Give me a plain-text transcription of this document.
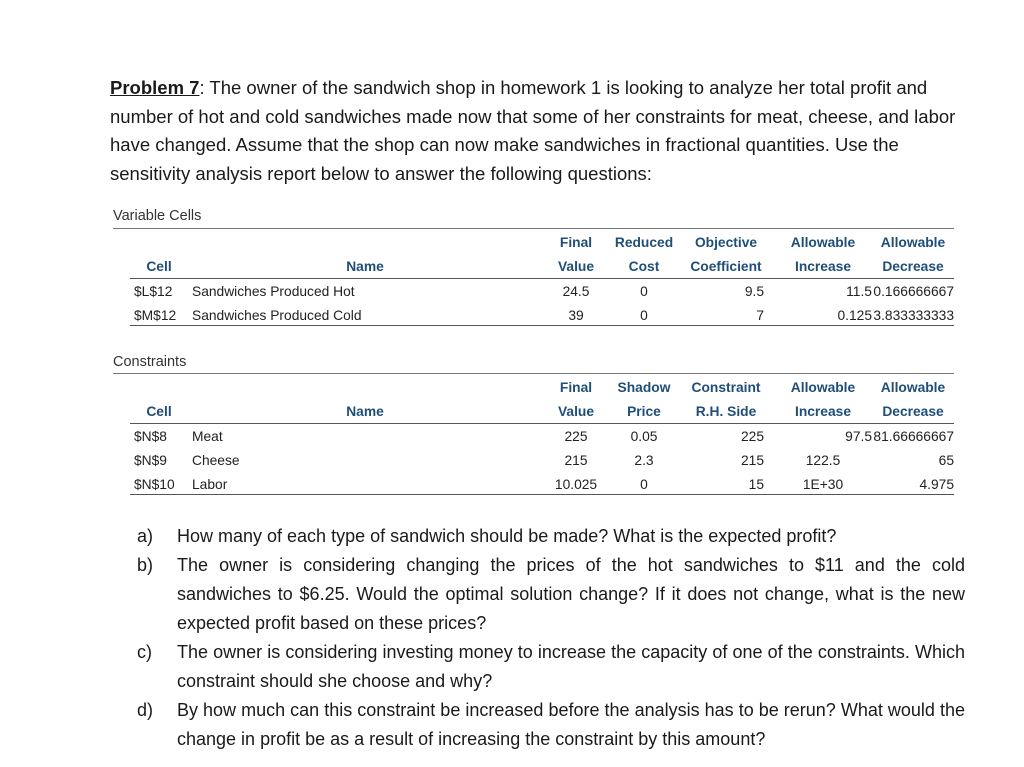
Problem 7: The owner of the sandwich shop in homework 1 is looking to analyze her total profit and number of hot and cold sandwiches made now that some of her constraints for meat, cheese, and labor have changed. Assume that the shop can now make sandwiches in fractional quantities. Use the sensitivity analysis report below to answer the following questions:

Variable Cells
		Final	Reduced	Objective	Allowable	Allowable
Cell	Name	Value	Cost	Coefficient	Increase	Decrease
$L$12	Sandwiches Produced Hot	24.5	0	9.5	11.5	0.166666667
$M$12	Sandwiches Produced Cold	39	0	7	0.125	3.833333333
Constraints
		Final	Shadow	Constraint	Allowable	Allowable
Cell	Name	Value	Price	R.H. Side	Increase	Decrease
$N$8	Meat	225	0.05	225	97.5	81.66666667
$N$9	Cheese	215	2.3	215	122.5	65
$N$10	Labor	10.025	0	15	1E+30	4.975
a) How many of each type of sandwich should be made? What is the expected profit?
b) The owner is considering changing the prices of the hot sandwiches to $11 and the cold sandwiches to $6.25. Would the optimal solution change? If it does not change, what is the new expected profit based on these prices?
c) The owner is considering investing money to increase the capacity of one of the constraints. Which constraint should she choose and why?
d) By how much can this constraint be increased before the analysis has to be rerun? What would the change in profit be as a result of increasing the constraint by this amount?
